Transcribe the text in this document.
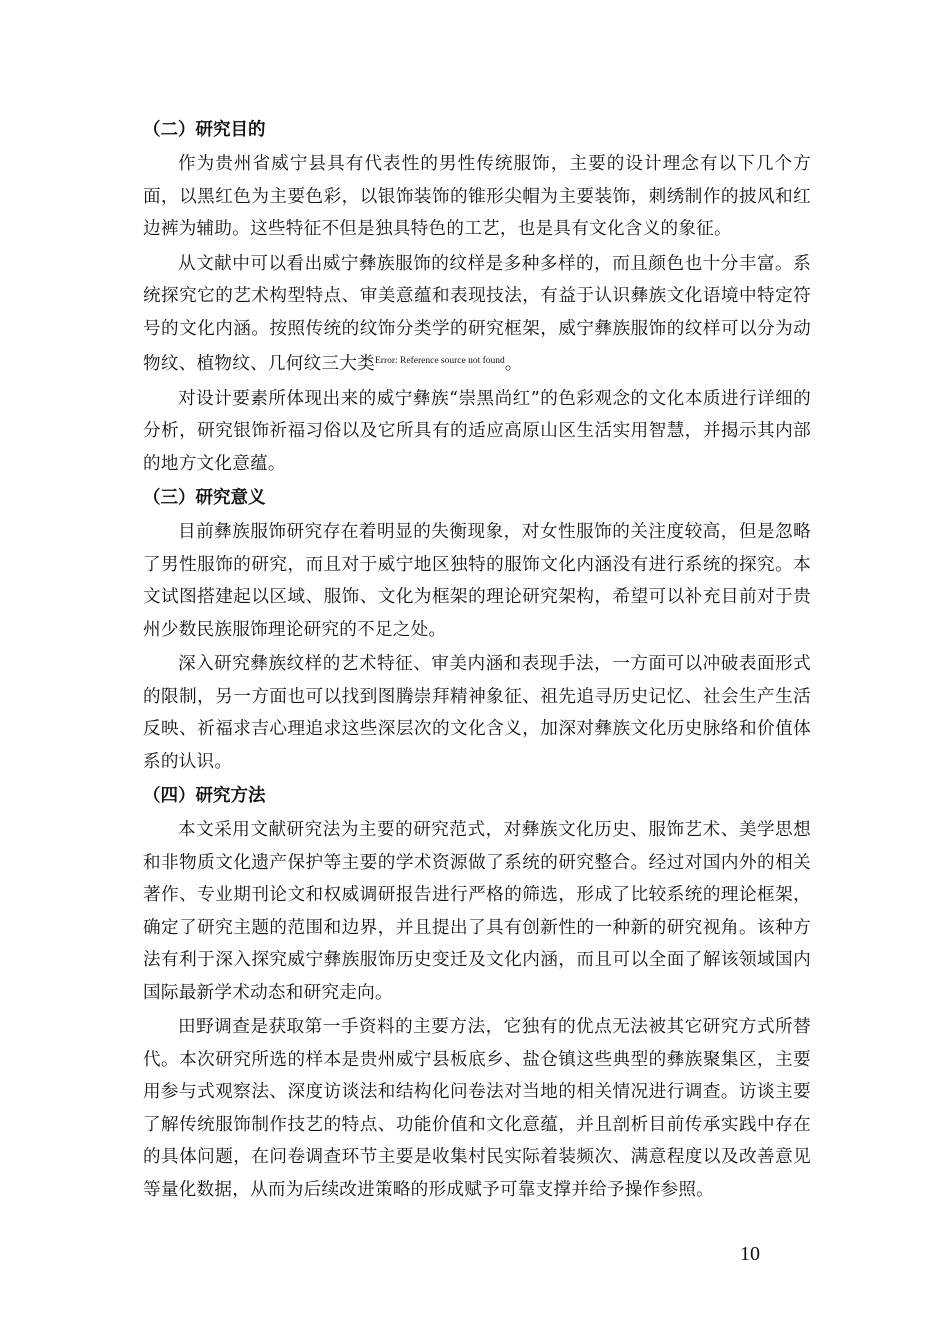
（二）研究目的

作为贵州省威宁县具有代表性的男性传统服饰，主要的设计理念有以下几个方面，以黑红色为主要色彩，以银饰装饰的锥形尖帽为主要装饰，刺绣制作的披风和红边裤为辅助。这些特征不但是独具特色的工艺，也是具有文化含义的象征。

从文献中可以看出威宁彝族服饰的纹样是多种多样的，而且颜色也十分丰富。系统探究它的艺术构型特点、审美意蕴和表现技法，有益于认识彝族文化语境中特定符号的文化内涵。按照传统的纹饰分类学的研究框架，威宁彝族服饰的纹样可以分为动物纹、植物纹、几何纹三大类$^{Error: Reference source not found}$。

对设计要素所体现出来的威宁彝族“崇黑尚红”的色彩观念的文化本质进行详细的分析，研究银饰祈福习俗以及它所具有的适应高原山区生活实用智慧，并揭示其内部的地方文化意蕴。

（三）研究意义

目前彝族服饰研究存在着明显的失衡现象，对女性服饰的关注度较高，但是忽略了男性服饰的研究，而且对于威宁地区独特的服饰文化内涵没有进行系统的探究。本文试图搭建起以区域、服饰、文化为框架的理论研究架构，希望可以补充目前对于贵州少数民族服饰理论研究的不足之处。

深入研究彝族纹样的艺术特征、审美内涵和表现手法，一方面可以冲破表面形式的限制，另一方面也可以找到图腾崇拜精神象征、祖先追寻历史记忆、社会生产生活反映、祈福求吉心理追求这些深层次的文化含义，加深对彝族文化历史脉络和价值体系的认识。

（四）研究方法

本文采用文献研究法为主要的研究范式，对彝族文化历史、服饰艺术、美学思想和非物质文化遗产保护等主要的学术资源做了系统的研究整合。经过对国内外的相关著作、专业期刊论文和权威调研报告进行严格的筛选，形成了比较系统的理论框架，确定了研究主题的范围和边界，并且提出了具有创新性的一种新的研究视角。该种方法有利于深入探究威宁彝族服饰历史变迁及文化内涵，而且可以全面了解该领域国内国际最新学术动态和研究走向。

田野调查是获取第一手资料的主要方法，它独有的优点无法被其它研究方式所替代。本次研究所选的样本是贵州威宁县板底乡、盐仓镇这些典型的彝族聚集区，主要用参与式观察法、深度访谈法和结构化问卷法对当地的相关情况进行调查。访谈主要了解传统服饰制作技艺的特点、功能价值和文化意蕴，并且剖析目前传承实践中存在的具体问题，在问卷调查环节主要是收集村民实际着装频次、满意程度以及改善意见等量化数据，从而为后续改进策略的形成赋予可靠支撑并给予操作参照。

10
